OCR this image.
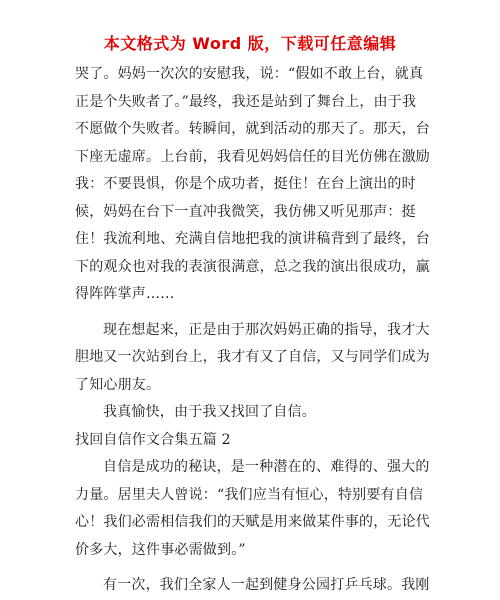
本文格式为 Word 版，下载可任意编辑
哭了。妈妈一次次的安慰我，说：“假如不敢上台，就真
正是个失败者了。”最终，我还是站到了舞台上，由于我
不愿做个失败者。转瞬间，就到活动的那天了。那天，台
下座无虚席。上台前，我看见妈妈信任的目光仿佛在激励
我：不要畏惧，你是个成功者，挺住！在台上演出的时
候，妈妈在台下一直冲我微笑，我仿佛又听见那声：挺
住！我流利地、充满自信地把我的演讲稿背到了最终，台
下的观众也对我的表演很满意，总之我的演出很成功，赢
得阵阵掌声……
现在想起来，正是由于那次妈妈正确的指导，我才大
胆地又一次站到台上，我才有又了自信，又与同学们成为
了知心朋友。
我真愉快，由于我又找回了自信。
找回自信作文合集五篇 2
自信是成功的秘诀，是一种潜在的、难得的、强大的
力量。居里夫人曾说：“我们应当有恒心，特别要有自信
心！我们必需相信我们的天赋是用来做某件事的，无论代
价多大，这件事必需做到。”
有一次，我们全家人一起到健身公园打乒乓球。我刚
